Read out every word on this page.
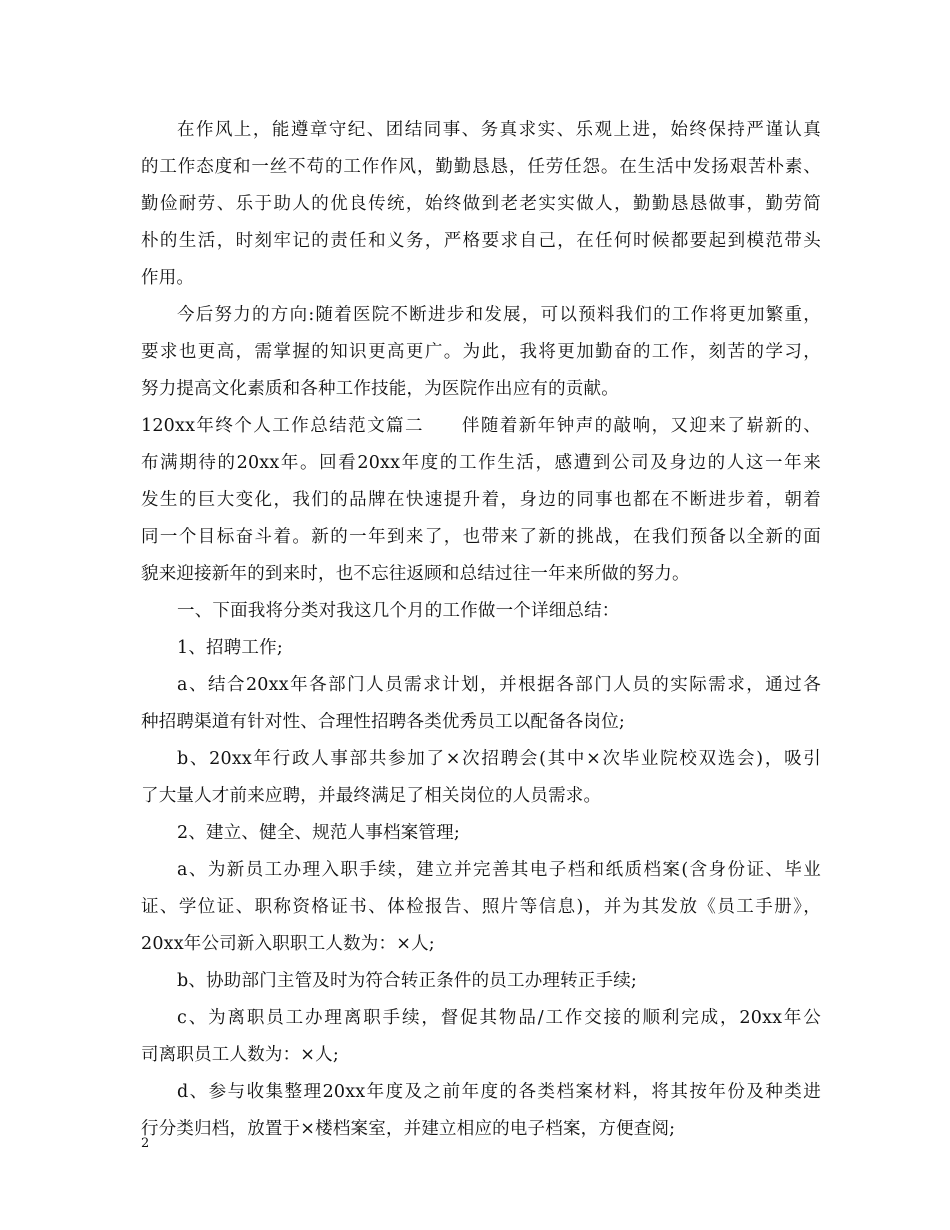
在作风上，能遵章守纪、团结同事、务真求实、乐观上进，始终保持严谨认真
的工作态度和一丝不苟的工作作风，勤勤恳恳，任劳任怨。在生活中发扬艰苦朴素、
勤俭耐劳、乐于助人的优良传统，始终做到老老实实做人，勤勤恳恳做事，勤劳简
朴的生活，时刻牢记的责任和义务，严格要求自己，在任何时候都要起到模范带头
作用。
今后努力的方向:随着医院不断进步和发展，可以预料我们的工作将更加繁重，
要求也更高，需掌握的知识更高更广。为此，我将更加勤奋的工作，刻苦的学习，
努力提高文化素质和各种工作技能，为医院作出应有的贡献。
120xx年终个人工作总结范文篇二　　伴随着新年钟声的敲响，又迎来了崭新的、
布满期待的20xx年。回看20xx年度的工作生活，感遭到公司及身边的人这一年来
发生的巨大变化，我们的品牌在快速提升着，身边的同事也都在不断进步着，朝着
同一个目标奋斗着。新的一年到来了，也带来了新的挑战，在我们预备以全新的面
貌来迎接新年的到来时，也不忘往返顾和总结过往一年来所做的努力。
一、下面我将分类对我这几个月的工作做一个详细总结：
1、招聘工作;
a、结合20xx年各部门人员需求计划，并根据各部门人员的实际需求，通过各
种招聘渠道有针对性、合理性招聘各类优秀员工以配备各岗位;
b、20xx年行政人事部共参加了×次招聘会(其中×次毕业院校双选会)，吸引
了大量人才前来应聘，并最终满足了相关岗位的人员需求。
2、建立、健全、规范人事档案管理;
a、为新员工办理入职手续，建立并完善其电子档和纸质档案(含身份证、毕业
证、学位证、职称资格证书、体检报告、照片等信息)，并为其发放《员工手册》，
20xx年公司新入职职工人数为：×人;
b、协助部门主管及时为符合转正条件的员工办理转正手续;
c、为离职员工办理离职手续，督促其物品/工作交接的顺利完成，20xx年公
司离职员工人数为：×人;
d、参与收集整理20xx年度及之前年度的各类档案材料，将其按年份及种类进
行分类归档，放置于×楼档案室，并建立相应的电子档案，方便查阅;
2
